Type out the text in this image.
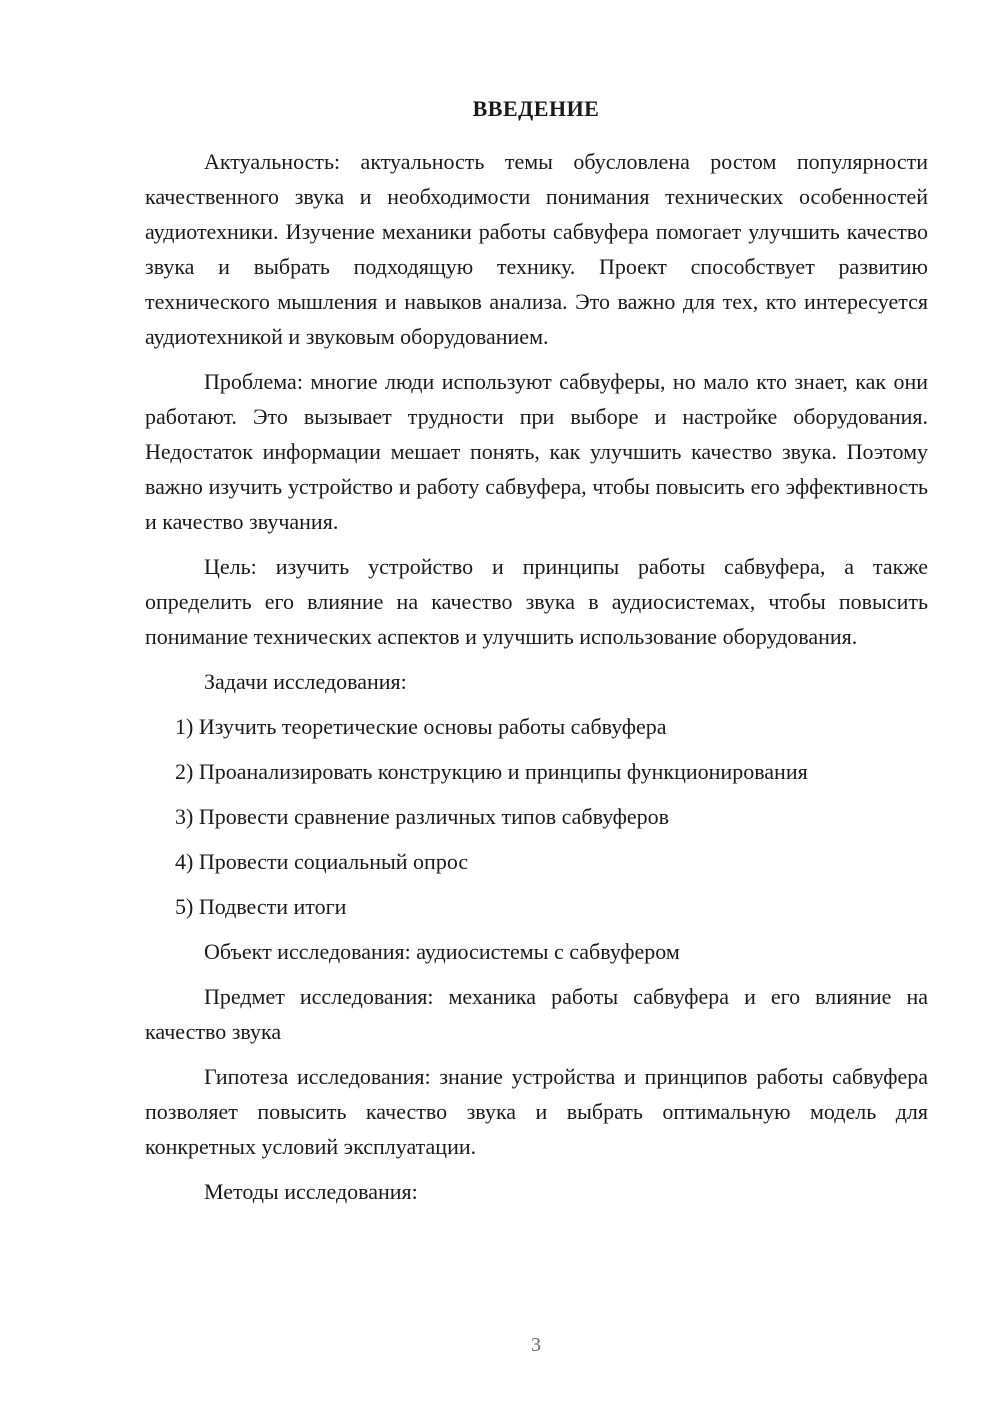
ВВЕДЕНИЕ

Актуальность: актуальность темы обусловлена ростом популярности качественного звука и необходимости понимания технических особенностей аудиотехники. Изучение механики работы сабвуфера помогает улучшить качество звука и выбрать подходящую технику. Проект способствует развитию технического мышления и навыков анализа. Это важно для тех, кто интересуется аудиотехникой и звуковым оборудованием.

Проблема: многие люди используют сабвуферы, но мало кто знает, как они работают. Это вызывает трудности при выборе и настройке оборудования. Недостаток информации мешает понять, как улучшить качество звука. Поэтому важно изучить устройство и работу сабвуфера, чтобы повысить его эффективность и качество звучания.

Цель: изучить устройство и принципы работы сабвуфера, а также определить его влияние на качество звука в аудиосистемах, чтобы повысить понимание технических аспектов и улучшить использование оборудования.

Задачи исследования:

1) Изучить теоретические основы работы сабвуфера
2) Проанализировать конструкцию и принципы функционирования
3) Провести сравнение различных типов сабвуферов
4) Провести социальный опрос
5) Подвести итоги

Объект исследования: аудиосистемы с сабвуфером

Предмет исследования: механика работы сабвуфера и его влияние на качество звука

Гипотеза исследования: знание устройства и принципов работы сабвуфера позволяет повысить качество звука и выбрать оптимальную модель для конкретных условий эксплуатации.

Методы исследования:

3
